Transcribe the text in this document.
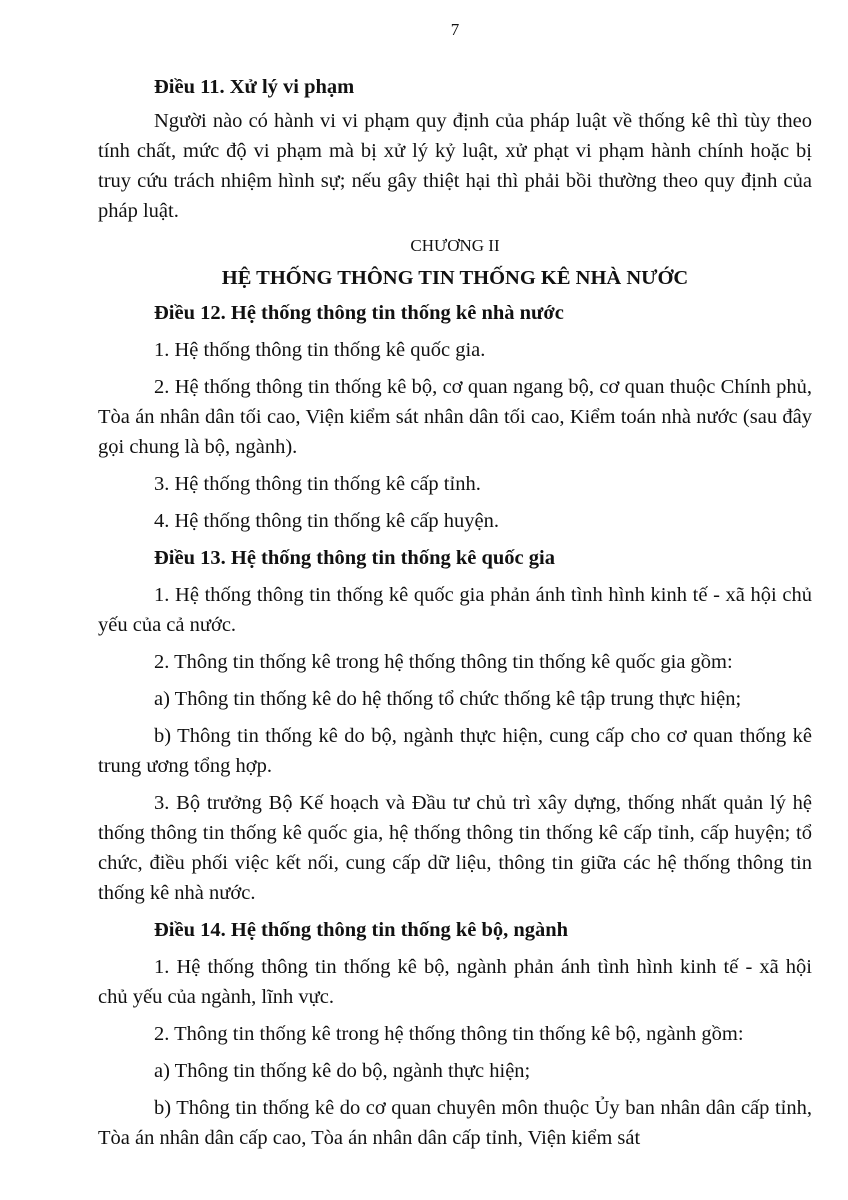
7

Điều 11. Xử lý vi phạm

Người nào có hành vi vi phạm quy định của pháp luật về thống kê thì tùy theo tính chất, mức độ vi phạm mà bị xử lý kỷ luật, xử phạt vi phạm hành chính hoặc bị truy cứu trách nhiệm hình sự; nếu gây thiệt hại thì phải bồi thường theo quy định của pháp luật.

CHƯƠNG II
HỆ THỐNG THÔNG TIN THỐNG KÊ NHÀ NƯỚC

Điều 12. Hệ thống thông tin thống kê nhà nước

1. Hệ thống thông tin thống kê quốc gia.

2. Hệ thống thông tin thống kê bộ, cơ quan ngang bộ, cơ quan thuộc Chính phủ, Tòa án nhân dân tối cao, Viện kiểm sát nhân dân tối cao, Kiểm toán nhà nước (sau đây gọi chung là bộ, ngành).

3. Hệ thống thông tin thống kê cấp tỉnh.

4. Hệ thống thông tin thống kê cấp huyện.

Điều 13. Hệ thống thông tin thống kê quốc gia

1. Hệ thống thông tin thống kê quốc gia phản ánh tình hình kinh tế - xã hội chủ yếu của cả nước.

2. Thông tin thống kê trong hệ thống thông tin thống kê quốc gia gồm:

a) Thông tin thống kê do hệ thống tổ chức thống kê tập trung thực hiện;

b) Thông tin thống kê do bộ, ngành thực hiện, cung cấp cho cơ quan thống kê trung ương tổng hợp.

3. Bộ trưởng Bộ Kế hoạch và Đầu tư chủ trì xây dựng, thống nhất quản lý hệ thống thông tin thống kê quốc gia, hệ thống thông tin thống kê cấp tỉnh, cấp huyện; tổ chức, điều phối việc kết nối, cung cấp dữ liệu, thông tin giữa các hệ thống thông tin thống kê nhà nước.

Điều 14. Hệ thống thông tin thống kê bộ, ngành

1. Hệ thống thông tin thống kê bộ, ngành phản ánh tình hình kinh tế - xã hội chủ yếu của ngành, lĩnh vực.

2. Thông tin thống kê trong hệ thống thông tin thống kê bộ, ngành gồm:

a) Thông tin thống kê do bộ, ngành thực hiện;

b) Thông tin thống kê do cơ quan chuyên môn thuộc Ủy ban nhân dân cấp tỉnh, Tòa án nhân dân cấp cao, Tòa án nhân dân cấp tỉnh, Viện kiểm sát
